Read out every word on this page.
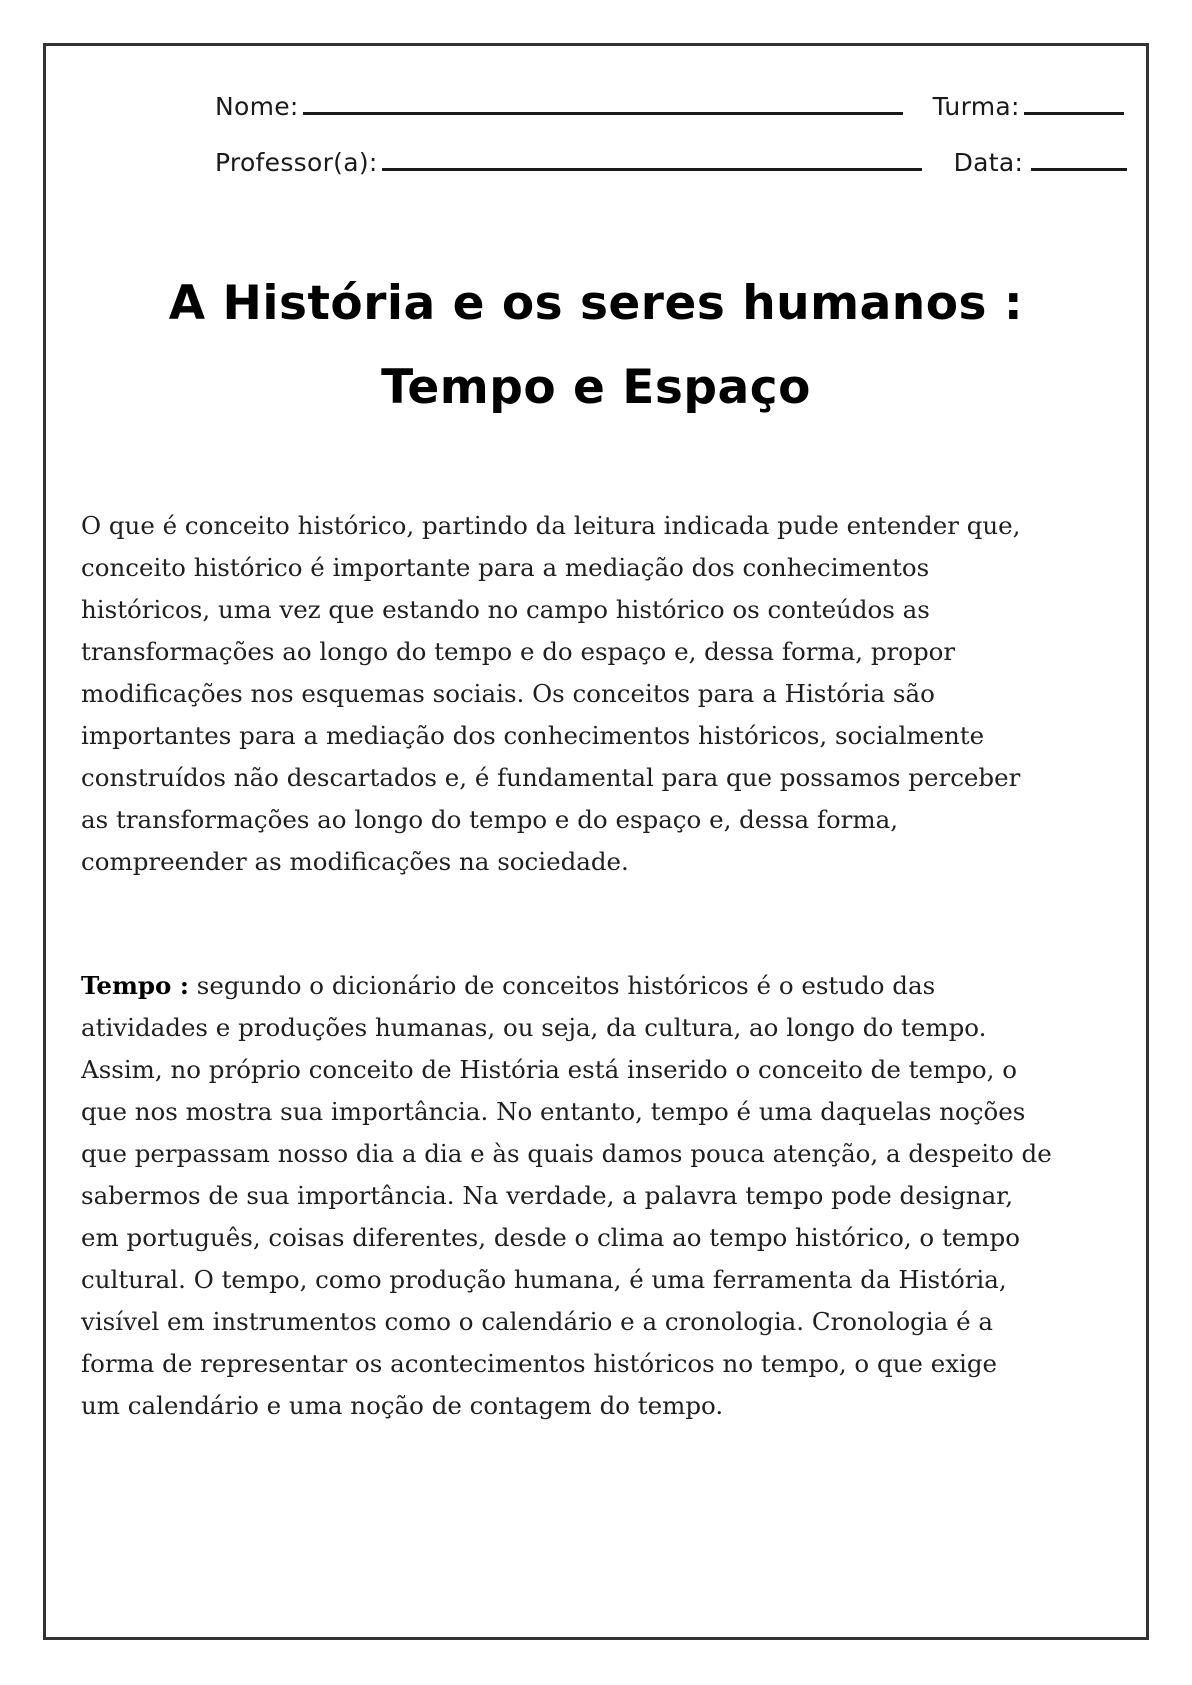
Nome:	Turma:
Professor(a):	Data:
A História e os seres humanos :
Tempo e Espaço

O que é conceito histórico, partindo da leitura indicada pude entender que,
conceito histórico é importante para a mediação dos conhecimentos
históricos, uma vez que estando no campo histórico os conteúdos as
transformações ao longo do tempo e do espaço e, dessa forma, propor
modificações nos esquemas sociais. Os conceitos para a História são
importantes para a mediação dos conhecimentos históricos, socialmente
construídos não descartados e, é fundamental para que possamos perceber
as transformações ao longo do tempo e do espaço e, dessa forma,
compreender as modificações na sociedade.

Tempo : segundo o dicionário de conceitos históricos é o estudo das
atividades e produções humanas, ou seja, da cultura, ao longo do tempo.
Assim, no próprio conceito de História está inserido o conceito de tempo, o
que nos mostra sua importância. No entanto, tempo é uma daquelas noções
que perpassam nosso dia a dia e às quais damos pouca atenção, a despeito de
sabermos de sua importância. Na verdade, a palavra tempo pode designar,
em português, coisas diferentes, desde o clima ao tempo histórico, o tempo
cultural. O tempo, como produção humana, é uma ferramenta da História,
visível em instrumentos como o calendário e a cronologia. Cronologia é a
forma de representar os acontecimentos históricos no tempo, o que exige
um calendário e uma noção de contagem do tempo.
